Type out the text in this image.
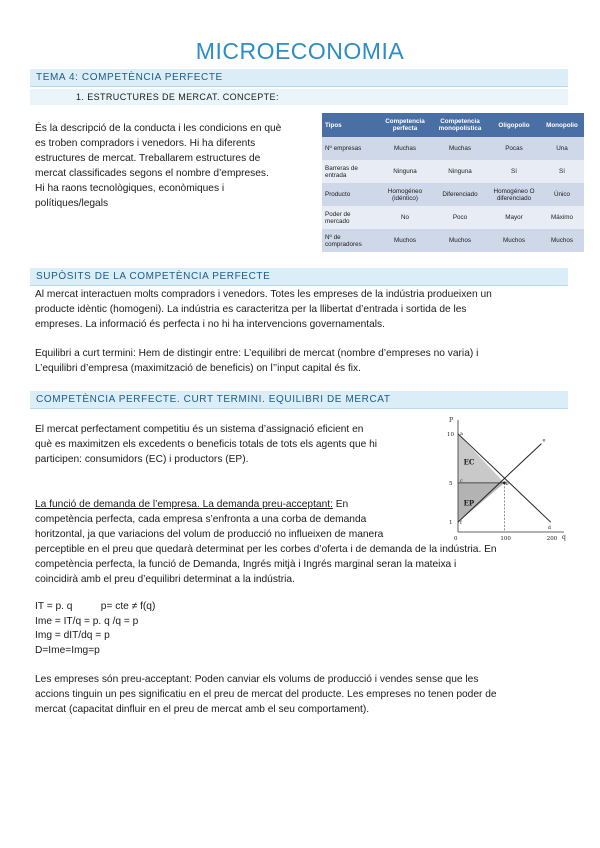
MICROECONOMIA
TEMA 4: COMPETÈNCIA PERFECTE
1. ESTRUCTURES DE MERCAT. CONCEPTE:
És la descripció de la conducta i les condicions en què
es troben compradors i venedors. Hi ha diferents
estructures de mercat. Treballarem estructures de
mercat classificades segons el nombre d’empreses.
Hi ha raons tecnològiques, econòmiques i
polítiques/legals
Tipos	Competencia perfecta	Competencia monopolística	Oligopolio	Monopolio
Nº empresas	Muchas	Muchas	Pocas	Una
Barreras de entrada	Ninguna	Ninguna	Sí	Sí
Producto	Homogéneo (idéntico)	Diferenciado	Homogéneo O diferenciado	Único
Poder de mercado	No	Poco	Mayor	Máximo
Nº de compradores	Muchos	Muchos	Muchos	Muchos
SUPÒSITS DE LA COMPETÈNCIA PERFECTE
Al mercat interactuen molts compradors i venedors. Totes les empreses de la indústria produeixen un
producte idèntic (homogeni). La indústria es caracteritza per la llibertat d’entrada i sortida de les
empreses. La informació és perfecta i no hi ha intervencions governamentals.
Equilibri a curt termini: Hem de distingir entre: L’equilibri de mercat (nombre d’empreses no varia) i
L’equilibri d’empresa (maximització de beneficis) on l’’input capital és fix.
COMPETÈNCIA PERFECTE. CURT TERMINI. EQUILIBRI DE MERCAT
El mercat perfectament competitiu és un sistema d’assignació eficient en
què es maximitzen els excedents o beneficis totals de tots els agents que hi
participen: consumidors (EC) i productors (EP).
La funció de demanda de l’empresa. La demanda preu-acceptant: En
competència perfecta, cada empresa s’enfronta a una corba de demanda
horitzontal, ja que variacions del volum de producció no influeixen de manera
perceptible en el preu que quedarà determinat per les corbes d’oferta i de demanda de la indústria. En
competència perfecta, la funció de Demanda, Ingrés mitjà i Ingrés marginal seran la mateixa i
coincidirà amb el preu d’equilibri determinat a la indústria.
P
q
1
5
10
0	100	200
EC
EP
a
b
c
d
e
f
IT = p. q          p= cte ≠ f(q)
Ime = IT/q = p. q /q = p
Img = dIT/dq = p
D=Ime=Img=p
Les empreses són preu-acceptant: Poden canviar els volums de producció i vendes sense que les
accions tinguin un pes significatiu en el preu de mercat del producte. Les empreses no tenen poder de
mercat (capacitat dinfluir en el preu de mercat amb el seu comportament).
